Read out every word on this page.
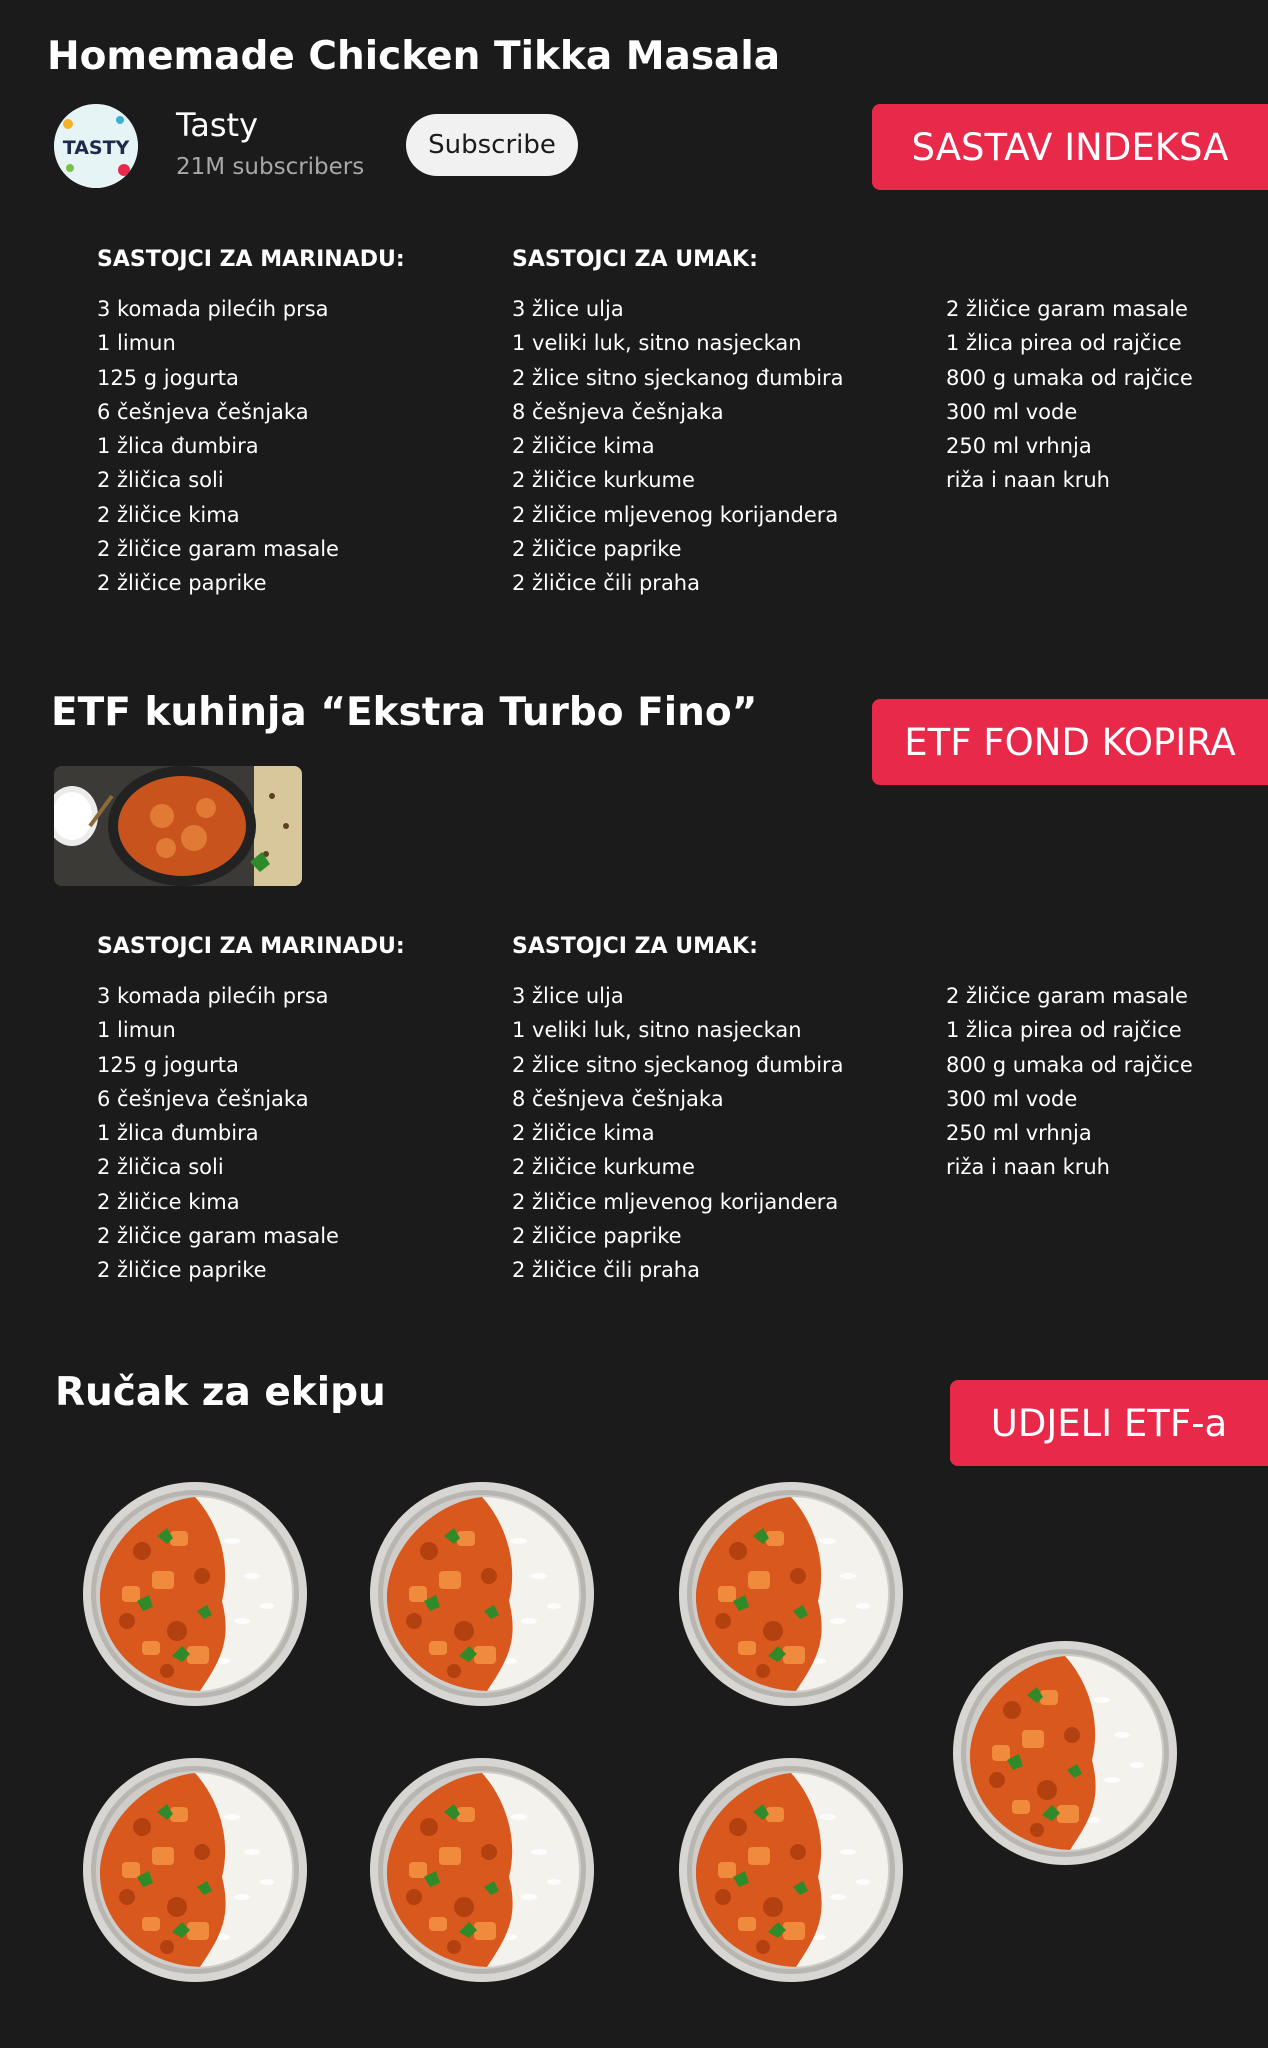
Homemade Chicken Tikka Masala
TASTY
Tasty
21M subscribers
Subscribe	SASTAV INDEKSA
SASTOJCI ZA MARINADU:
3 komada pilećih prsa
1 limun
125 g jogurta
6 češnjeva češnjaka
1 žlica đumbira
2 žličica soli
2 žličice kima
2 žličice garam masale
2 žličice paprike
SASTOJCI ZA UMAK:
3 žlice ulja
1 veliki luk, sitno nasjeckan
2 žlice sitno sjeckanog đumbira
8 češnjeva češnjaka
2 žličice kima
2 žličice kurkume
2 žličice mljevenog korijandera
2 žličice paprike
2 žličice čili praha
2 žličice garam masale
1 žlica pirea od rajčice
800 g umaka od rajčice
300 ml vode
250 ml vrhnja
riža i naan kruh
ETF kuhinja “Ekstra Turbo Fino”
ETF FOND KOPIRA
SASTOJCI ZA MARINADU:
3 komada pilećih prsa
1 limun
125 g jogurta
6 češnjeva češnjaka
1 žlica đumbira
2 žličica soli
2 žličice kima
2 žličice garam masale
2 žličice paprike
SASTOJCI ZA UMAK:
3 žlice ulja
1 veliki luk, sitno nasjeckan
2 žlice sitno sjeckanog đumbira
8 češnjeva češnjaka
2 žličice kima
2 žličice kurkume
2 žličice mljevenog korijandera
2 žličice paprike
2 žličice čili praha
2 žličice garam masale
1 žlica pirea od rajčice
800 g umaka od rajčice
300 ml vode
250 ml vrhnja
riža i naan kruh
Ručak za ekipu
UDJELI ETF-a
